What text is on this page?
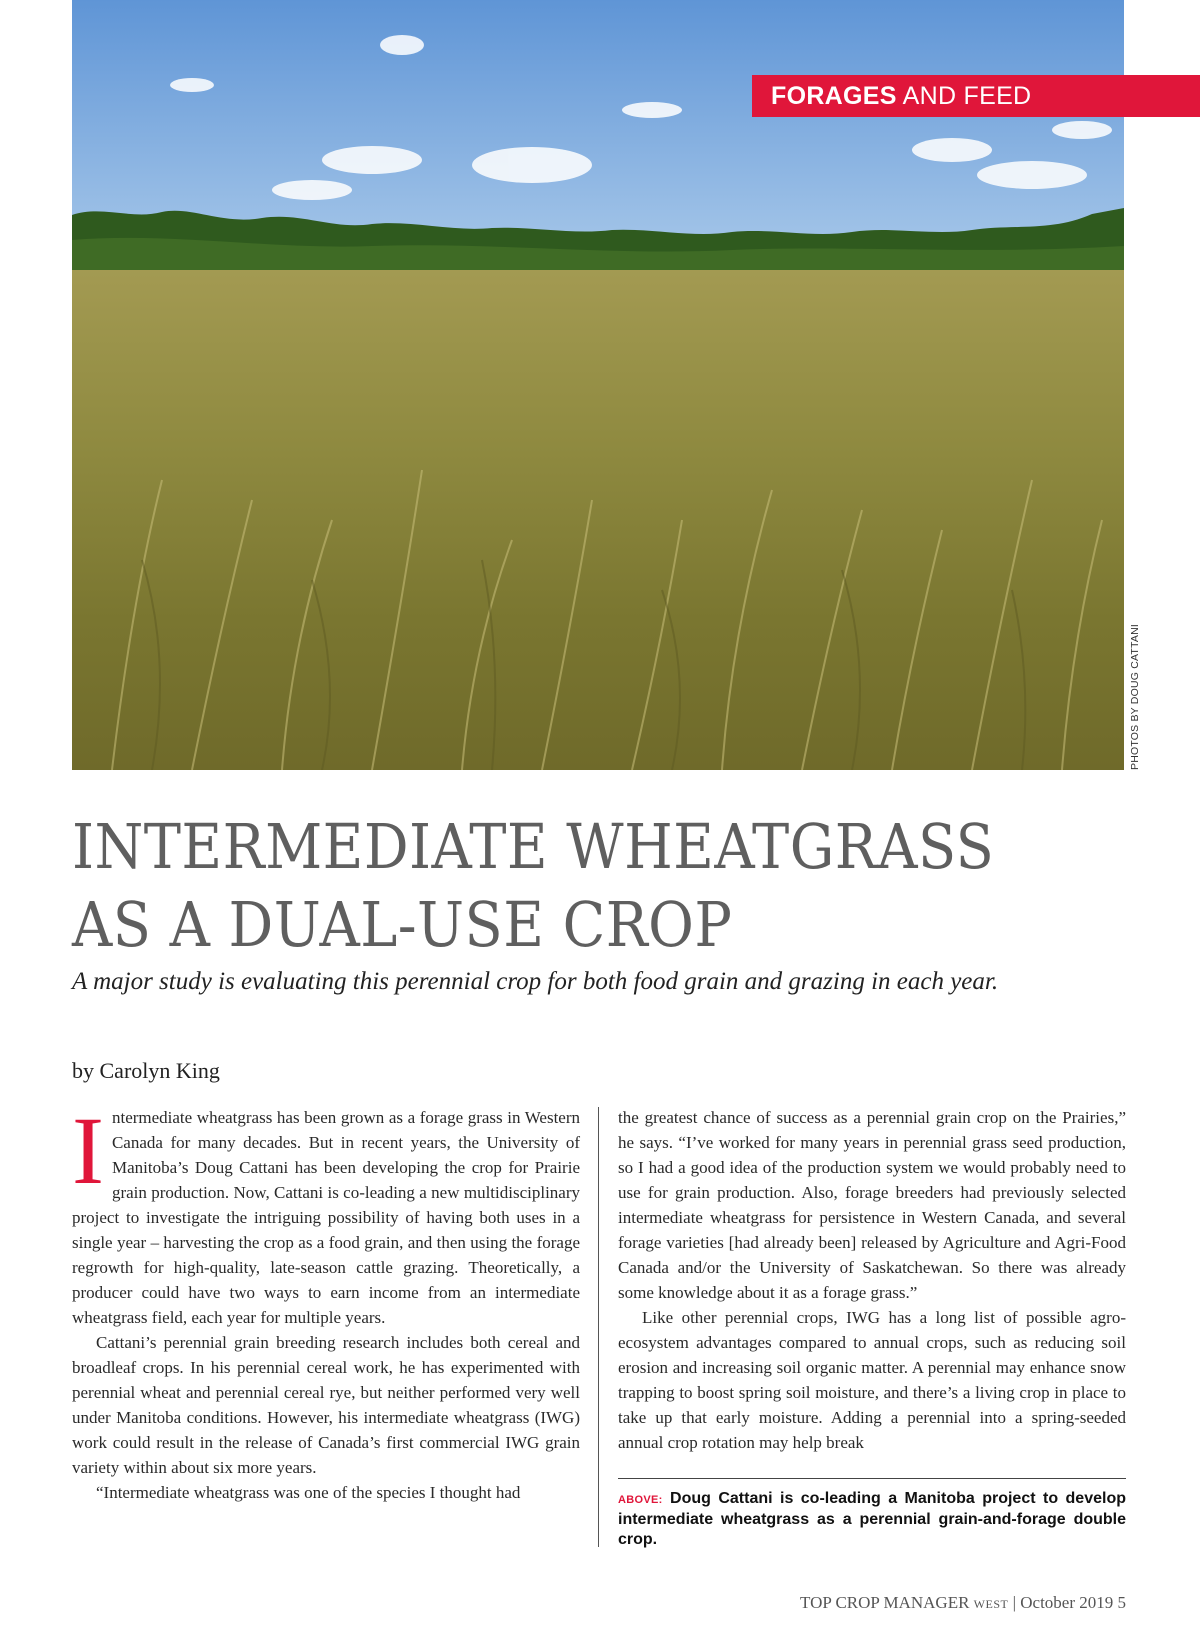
FORAGES AND FEED
PHOTOS BY DOUG CATTANI
INTERMEDIATE WHEATGRASS
AS A DUAL-USE CROP

A major study is evaluating this perennial crop for both food grain and grazing in each year.

by Carolyn King

Intermediate wheatgrass has been grown as a forage grass in Western Canada for many decades. But in recent years, the University of Manitoba’s Doug Cattani has been developing the crop for Prairie grain production. Now, Cattani is co-leading a new multidisciplinary project to investigate the intriguing possibility of having both uses in a single year – harvesting the crop as a food grain, and then using the forage regrowth for high-quality, late-season cattle grazing. Theoretically, a producer could have two ways to earn income from an intermediate wheatgrass field, each year for multiple years.

Cattani’s perennial grain breeding research includes both cereal and broadleaf crops. In his perennial cereal work, he has experimented with perennial wheat and perennial cereal rye, but neither performed very well under Manitoba conditions. However, his intermediate wheatgrass (IWG) work could result in the release of Canada’s first commercial IWG grain variety within about six more years.

“Intermediate wheatgrass was one of the species I thought had

the greatest chance of success as a perennial grain crop on the Prairies,” he says. “I’ve worked for many years in perennial grass seed production, so I had a good idea of the production system we would probably need to use for grain production. Also, forage breeders had previously selected intermediate wheatgrass for persistence in Western Canada, and several forage varieties [had already been] released by Agriculture and Agri-Food Canada and/or the University of Saskatchewan. So there was already some knowledge about it as a forage grass.”

Like other perennial crops, IWG has a long list of possible agro-ecosystem advantages compared to annual crops, such as reducing soil erosion and increasing soil organic matter. A perennial may enhance snow trapping to boost spring soil moisture, and there’s a living crop in place to take up that early moisture. Adding a perennial into a spring-seeded annual crop rotation may help break

ABOVE: Doug Cattani is co-leading a Manitoba project to develop intermediate wheatgrass as a perennial grain-and-forage double crop.
TOP CROP MANAGER WEST | October 2019 5
